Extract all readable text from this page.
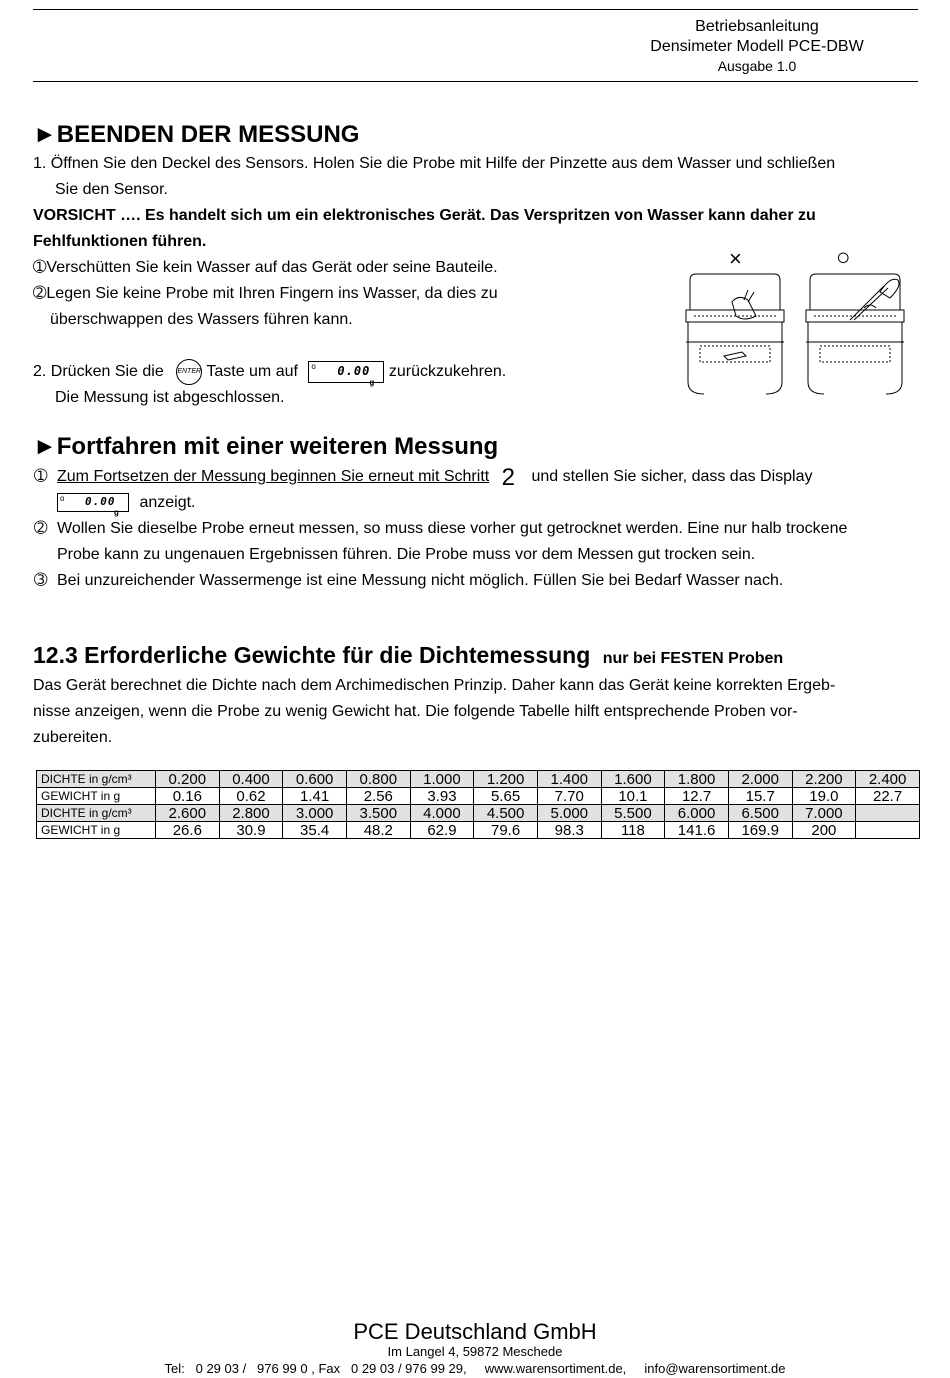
Betriebsanleitung
Densimeter Modell PCE-DBW
Ausgabe 1.0
►BEENDEN DER MESSUNG
1. Öffnen Sie den Deckel des Sensors. Holen Sie die Probe mit Hilfe der Pinzette aus dem Wasser und schließen
Sie den Sensor.
VORSICHT …. Es handelt sich um ein elektronisches Gerät. Das Verspritzen von Wasser kann daher zu
Fehlfunktionen führen.
➀Verschütten Sie kein Wasser auf das Gerät oder seine Bauteile.
➁Legen Sie keine Probe mit Ihren Fingern ins Wasser, da dies zu
überschwappen des Wassers führen kann.
2. Drücken Sie die ENTER Taste um auf o 0.00
g
zurückzukehren.
Die Messung ist abgeschlossen.
×	○
►Fortfahren mit einer weiteren Messung
➀ Zum Fortsetzen der Messung beginnen Sie erneut mit Schritt 2 und stellen Sie sicher, dass das Display
o 0.00
g
anzeigt.
➁ Wollen Sie dieselbe Probe erneut messen, so muss diese vorher gut getrocknet werden. Eine nur halb trockene
Probe kann zu ungenauen Ergebnissen führen. Die Probe muss vor dem Messen gut trocken sein.
➂ Bei unzureichender Wassermenge ist eine Messung nicht möglich. Füllen Sie bei Bedarf Wasser nach.
12.3 Erforderliche Gewichte für die Dichtemessung nur bei FESTEN Proben
Das Gerät berechnet die Dichte nach dem Archimedischen Prinzip. Daher kann das Gerät keine korrekten Ergeb-
nisse anzeigen, wenn die Probe zu wenig Gewicht hat. Die folgende Tabelle hilft entsprechende Proben vor-
zubereiten.
DICHTE in g/cm³	0.200	0.400	0.600	0.800	1.000	1.200	1.400	1.600	1.800	2.000	2.200	2.400
GEWICHT in g	0.16	0.62	1.41	2.56	3.93	5.65	7.70	10.1	12.7	15.7	19.0	22.7
DICHTE in g/cm³	2.600	2.800	3.000	3.500	4.000	4.500	5.000	5.500	6.000	6.500	7.000	
GEWICHT in g	26.6	30.9	35.4	48.2	62.9	79.6	98.3	118	141.6	169.9	200	
PCE Deutschland GmbH
Im Langel 4, 59872 Meschede
Tel:   0 29 03 /   976 99 0 , Fax   0 29 03 / 976 99 29,     www.warensortiment.de,     info@warensortiment.de
